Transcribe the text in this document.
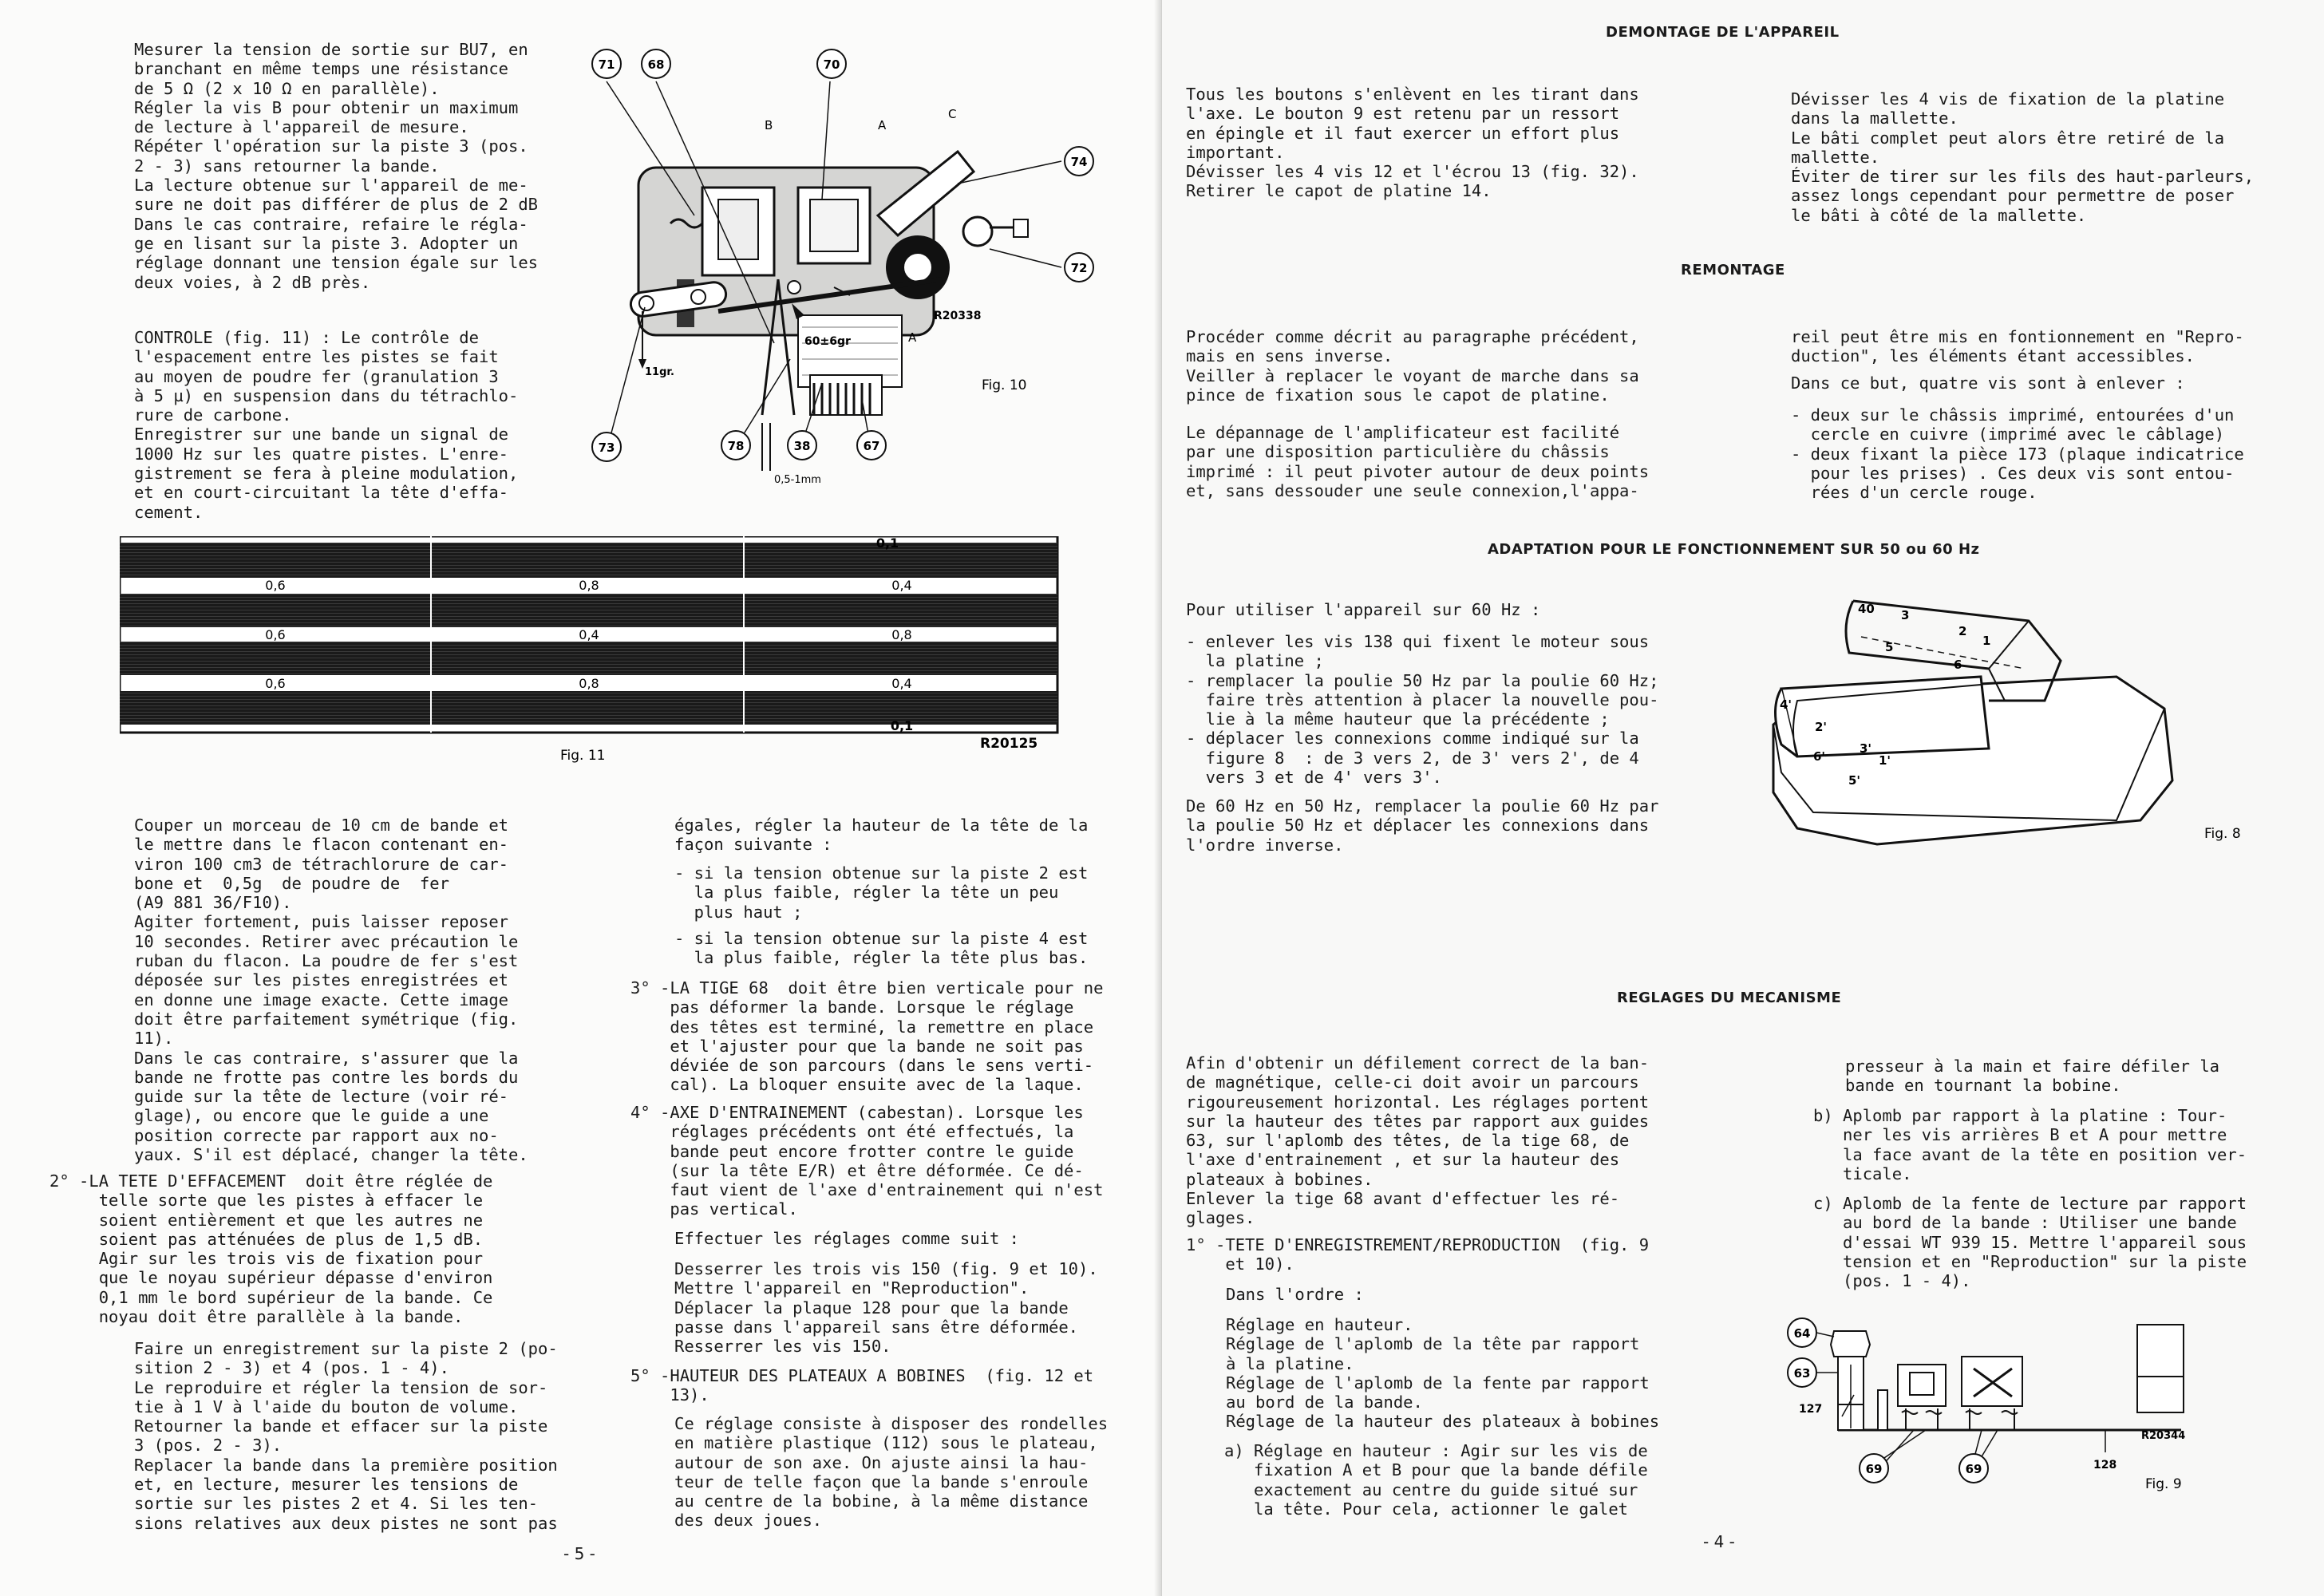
Mesurer la tension de sortie sur BU7, en
branchant en même temps une résistance
de 5 Ω (2 x 10 Ω en parallèle).
Régler la vis B pour obtenir un maximum
de lecture à l'appareil de mesure.
Répéter l'opération sur la piste 3 (pos.
2 - 3) sans retourner la bande.
La lecture obtenue sur l'appareil de me-
sure ne doit pas différer de plus de 2 dB
Dans le cas contraire, refaire le régla-
ge en lisant sur la piste 3. Adopter un
réglage donnant une tension égale sur les
deux voies, à 2 dB près.
CONTROLE (fig. 11) : Le contrôle de
l'espacement entre les pistes se fait
au moyen de poudre fer (granulation 3
à 5 µ) en suspension dans du tétrachlo-
rure de carbone.
Enregistrer sur une bande un signal de
1000 Hz sur les quatre pistes. L'enre-
gistrement se fera à pleine modulation,
et en court-circuitant la tête d'effa-
cement.
71	68	70
74
72
73	78	38	67
B	A
C
A
60±6gr
11gr.
0,5-1mm
R20338
Fig. 10
0,1
0,6	0,8	0,4
0,6	0,4	0,8
0,6	0,8	0,4
0,1
R20125
Fig. 11
Couper un morceau de 10 cm de bande et
le mettre dans le flacon contenant en-
viron 100 cm3 de tétrachlorure de car-
bone et  0,5g  de poudre de  fer
(A9 881 36/F10).
Agiter fortement, puis laisser reposer
10 secondes. Retirer avec précaution le
ruban du flacon. La poudre de fer s'est
déposée sur les pistes enregistrées et
en donne une image exacte. Cette image
doit être parfaitement symétrique (fig.
11).
Dans le cas contraire, s'assurer que la
bande ne frotte pas contre les bords du
guide sur la tête de lecture (voir ré-
glage), ou encore que le guide a une
position correcte par rapport aux no-
yaux. S'il est déplacé, changer la tête.
2° -LA TETE D'EFFACEMENT  doit être réglée de
telle sorte que les pistes à effacer le
soient entièrement et que les autres ne
soient pas atténuées de plus de 1,5 dB.
Agir sur les trois vis de fixation pour
que le noyau supérieur dépasse d'environ
0,1 mm le bord supérieur de la bande. Ce
noyau doit être parallèle à la bande.
Faire un enregistrement sur la piste 2 (po-
sition 2 - 3) et 4 (pos. 1 - 4).
Le reproduire et régler la tension de sor-
tie à 1 V à l'aide du bouton de volume.
Retourner la bande et effacer sur la piste
3 (pos. 2 - 3).
Replacer la bande dans la première position
et, en lecture, mesurer les tensions de
sortie sur les pistes 2 et 4. Si les ten-
sions relatives aux deux pistes ne sont pas
égales, régler la hauteur de la tête de la
façon suivante :
- si la tension obtenue sur la piste 2 est
la plus faible, régler la tête un peu
plus haut ;
- si la tension obtenue sur la piste 4 est
la plus faible, régler la tête plus bas.
3° -LA TIGE 68  doit être bien verticale pour ne
pas déformer la bande. Lorsque le réglage
des têtes est terminé, la remettre en place
et l'ajuster pour que la bande ne soit pas
déviée de son parcours (dans le sens verti-
cal). La bloquer ensuite avec de la laque.
4° -AXE D'ENTRAINEMENT (cabestan). Lorsque les
réglages précédents ont été effectués, la
bande peut encore frotter contre le guide
(sur la tête E/R) et être déformée. Ce dé-
faut vient de l'axe d'entrainement qui n'est
pas vertical.
Effectuer les réglages comme suit :
Desserrer les trois vis 150 (fig. 9 et 10).
Mettre l'appareil en "Reproduction".
Déplacer la plaque 128 pour que la bande
passe dans l'appareil sans être déformée.
Resserrer les vis 150.
5° -HAUTEUR DES PLATEAUX A BOBINES  (fig. 12 et
13).
Ce réglage consiste à disposer des rondelles
en matière plastique (112) sous le plateau,
autour de son axe. On ajuste ainsi la hau-
teur de telle façon que la bande s'enroule
au centre de la bobine, à la même distance
des deux joues.
- 5 -
DEMONTAGE DE L'APPAREIL
Tous les boutons s'enlèvent en les tirant dans
l'axe. Le bouton 9 est retenu par un ressort
en épingle et il faut exercer un effort plus
important.
Dévisser les 4 vis 12 et l'écrou 13 (fig. 32).
Retirer le capot de platine 14.
Dévisser les 4 vis de fixation de la platine
dans la mallette.
Le bâti complet peut alors être retiré de la
mallette.
Éviter de tirer sur les fils des haut-parleurs,
assez longs cependant pour permettre de poser
le bâti à côté de la mallette.
REMONTAGE
Procéder comme décrit au paragraphe précédent,
mais en sens inverse.
Veiller à replacer le voyant de marche dans sa
pince de fixation sous le capot de platine.
Le dépannage de l'amplificateur est facilité
par une disposition particulière du châssis
imprimé : il peut pivoter autour de deux points
et, sans dessouder une seule connexion,l'appa-
reil peut être mis en fontionnement en "Repro-
duction", les éléments étant accessibles.
Dans ce but, quatre vis sont à enlever :
- deux sur le châssis imprimé, entourées d'un
cercle en cuivre (imprimé avec le câblage)
- deux fixant la pièce 173 (plaque indicatrice
pour les prises) . Ces deux vis sont entou-
rées d'un cercle rouge.
ADAPTATION POUR LE FONCTIONNEMENT SUR 50 ou 60 Hz
Pour utiliser l'appareil sur 60 Hz :
- enlever les vis 138 qui fixent le moteur sous
la platine ;
- remplacer la poulie 50 Hz par la poulie 60 Hz;
faire très attention à placer la nouvelle pou-
lie à la même hauteur que la précédente ;
- déplacer les connexions comme indiqué sur la
figure 8  : de 3 vers 2, de 3' vers 2', de 4
vers 3 et de 4' vers 3'.
De 60 Hz en 50 Hz, remplacer la poulie 60 Hz par
la poulie 50 Hz et déplacer les connexions dans
l'ordre inverse.
40 3
2
1
5
6
4'
2'
6'
3'
1'
5'
Fig. 8
REGLAGES DU MECANISME
Afin d'obtenir un défilement correct de la ban-
de magnétique, celle-ci doit avoir un parcours
rigoureusement horizontal. Les réglages portent
sur la hauteur des têtes par rapport aux guides
63, sur l'aplomb des têtes, de la tige 68, de
l'axe d'entrainement , et sur la hauteur des
plateaux à bobines.
Enlever la tige 68 avant d'effectuer les ré-
glages.
1° -TETE D'ENREGISTREMENT/REPRODUCTION  (fig. 9
et 10).
Dans l'ordre :
Réglage en hauteur.
Réglage de l'aplomb de la tête par rapport
à la platine.
Réglage de l'aplomb de la fente par rapport
au bord de la bande.
Réglage de la hauteur des plateaux à bobines
a) Réglage en hauteur : Agir sur les vis de
fixation A et B pour que la bande défile
exactement au centre du guide situé sur
la tête. Pour cela, actionner le galet
presseur à la main et faire défiler la
bande en tournant la bobine.
b) Aplomb par rapport à la platine : Tour-
ner les vis arrières B et A pour mettre
la face avant de la tête en position ver-
ticale.
c) Aplomb de la fente de lecture par rapport
au bord de la bande : Utiliser une bande
d'essai WT 939 15. Mettre l'appareil sous
tension et en "Reproduction" sur la piste
(pos. 1 - 4).
64
63
127
69	69	128
R20344
Fig. 9
- 4 -
